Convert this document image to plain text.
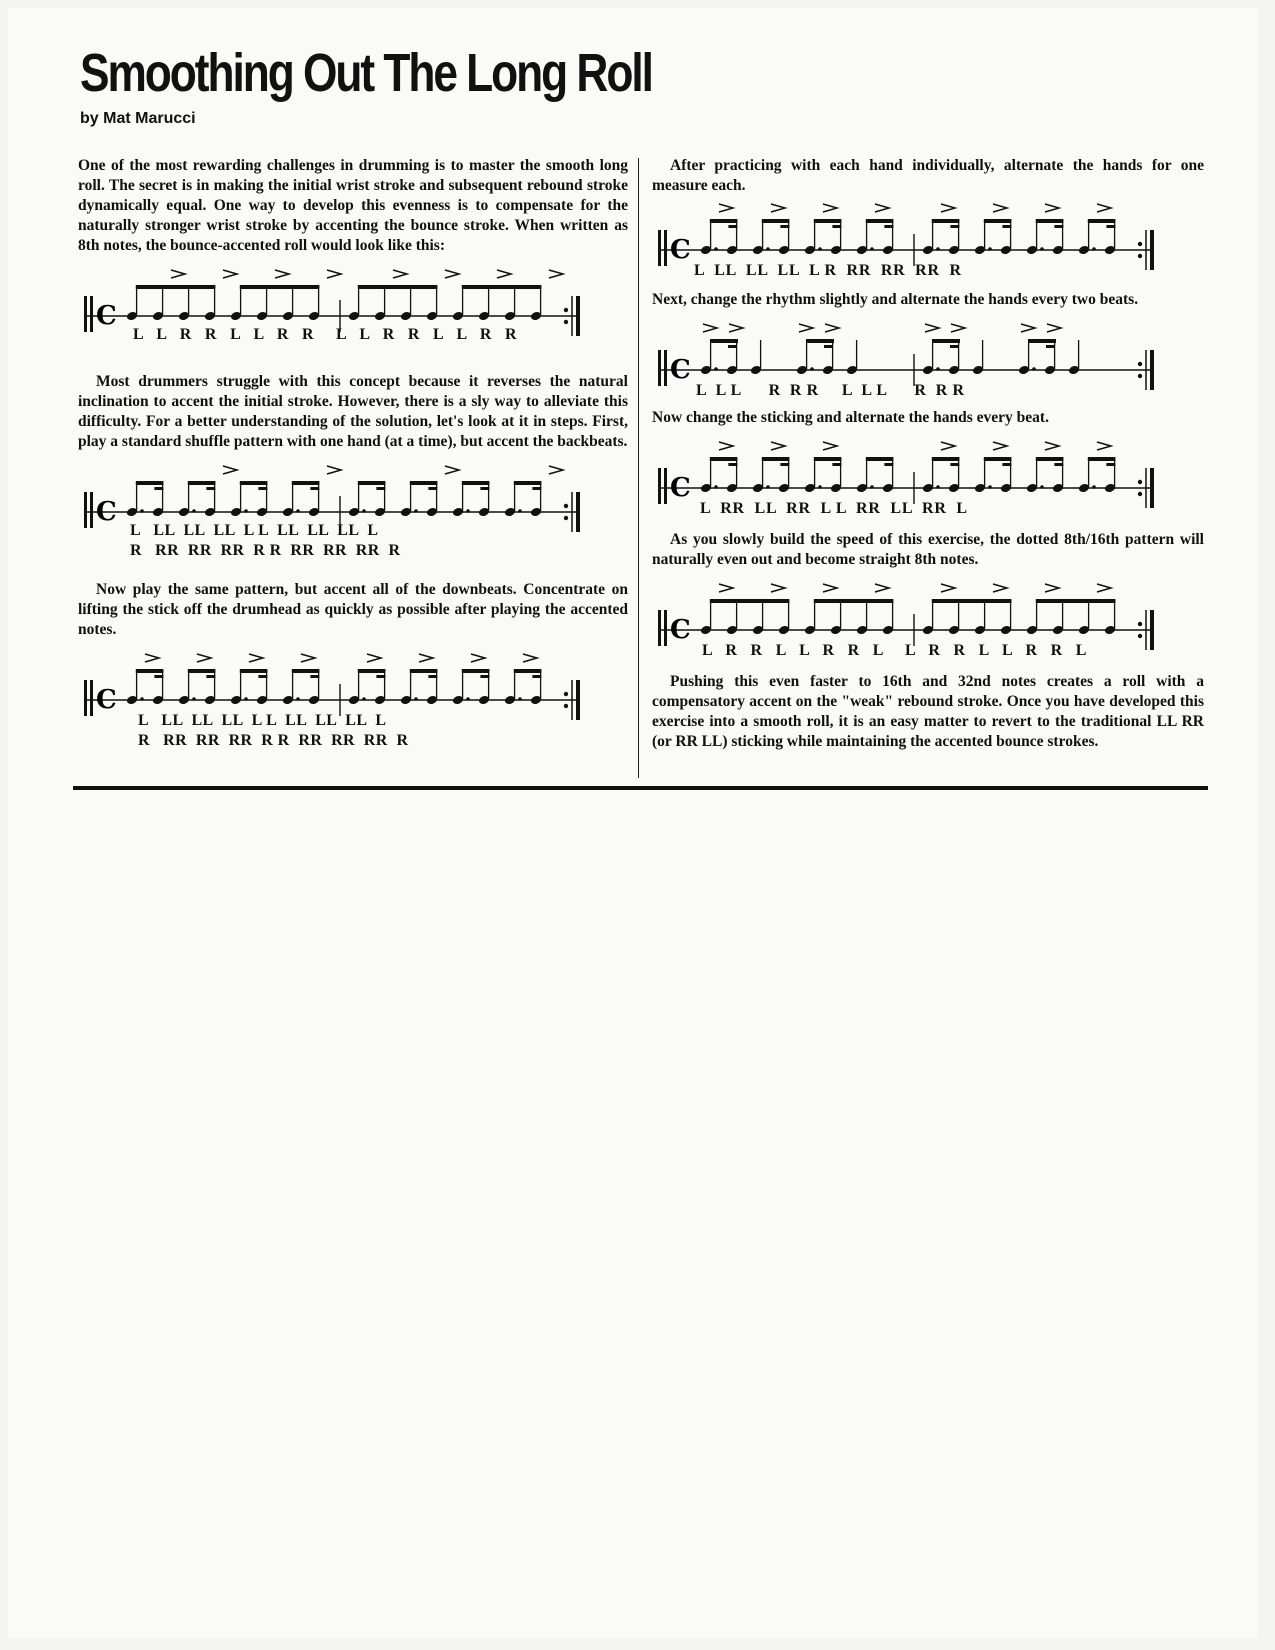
Smoothing Out The Long Roll
by Mat Marucci

One of the most rewarding challenges in drumming is to master the smooth long roll. The secret is in making the initial wrist stroke and subsequent rebound stroke dynamically equal. One way to develop this evenness is to compensate for the naturally stronger wrist stroke by accenting the bounce stroke. When written as 8th notes, the bounce-accented roll would look like this:

C
L L R R L L R R  L L R R L L R R

Most drummers struggle with this concept because it reverses the natural inclination to accent the initial stroke. However, there is a sly way to alleviate this difficulty. For a better understanding of the solution, let's look at it in steps. First, play a standard shuffle pattern with one hand (at a time), but accent the backbeats.

C
L   LL  LL  LL  L L  LL  LL  LL  L
R   RR  RR  RR  R R  RR  RR  RR  R

Now play the same pattern, but accent all of the downbeats. Concentrate on lifting the stick off the drumhead as quickly as possible after playing the accented notes.

C
L   LL  LL  LL  L L  LL  LL  LL  L
R   RR  RR  RR  R R  RR  RR  RR  R

After practicing with each hand individually, alternate the hands for one measure each.

C
L  LL  LL  LL  L R  RR  RR  RR  R

Next, change the rhythm slightly and alternate the hands every two beats.

C
L  L L      R  R R     L  L L      R  R R

Now change the sticking and alternate the hands every beat.

C
L  RR  LL  RR  L L  RR  LL  RR  L

As you slowly build the speed of this exercise, the dotted 8th/16th pattern will naturally even out and become straight 8th notes.

C
L R R L L R R L  L R R L L R R L

Pushing this even faster to 16th and 32nd notes creates a roll with a compensatory accent on the "weak" rebound stroke. Once you have developed this exercise into a smooth roll, it is an easy matter to revert to the traditional LL RR (or RR LL) sticking while maintaining the accented bounce strokes.
